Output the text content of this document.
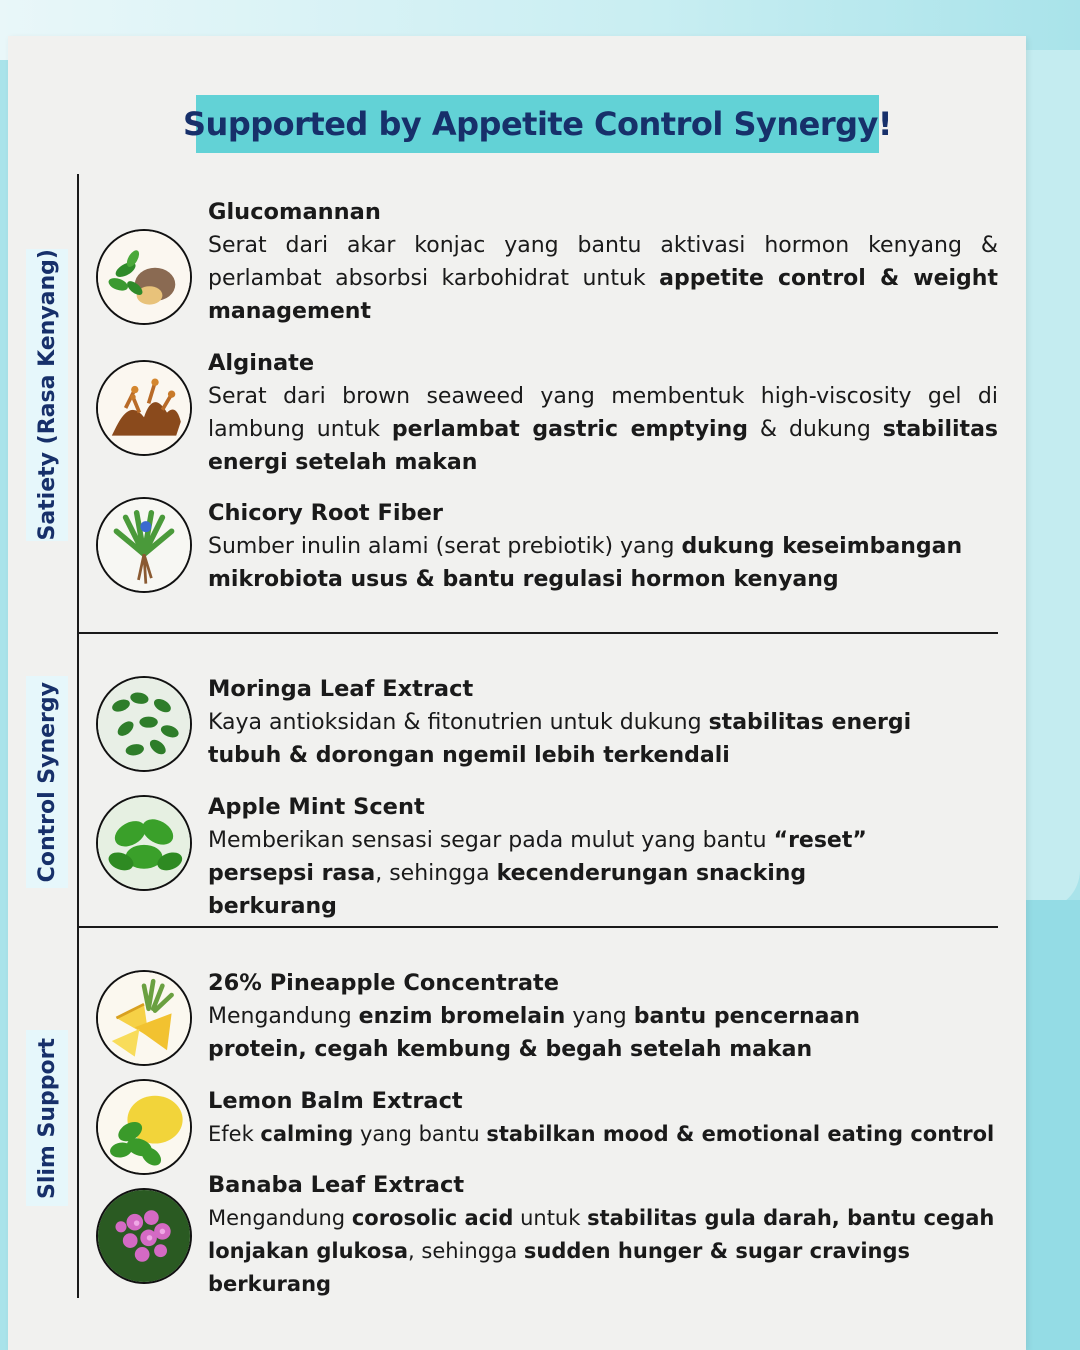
Supported by Appetite Control Synergy!
Satiety (Rasa Kenyang)
Control Synergy
Slim Support
Glucomannan
Serat dari akar konjac yang bantu aktivasi hormon kenyang & perlambat absorbsi karbohidrat untuk appetite control & weight management
Alginate
Serat dari brown seaweed yang membentuk high-viscosity gel di lambung untuk perlambat gastric emptying & dukung stabilitas energi setelah makan
Chicory Root Fiber
Sumber inulin alami (serat prebiotik) yang dukung keseimbangan mikrobiota usus & bantu regulasi hormon kenyang
Moringa Leaf Extract
Kaya antioksidan & fitonutrien untuk dukung stabilitas energi tubuh & dorongan ngemil lebih terkendali
Apple Mint Scent
Memberikan sensasi segar pada mulut yang bantu “reset” persepsi rasa, sehingga kecenderungan snacking berkurang
26% Pineapple Concentrate
Mengandung enzim bromelain yang bantu pencernaan protein, cegah kembung & begah setelah makan
Lemon Balm Extract
Efek calming yang bantu stabilkan mood & emotional eating control
Banaba Leaf Extract
Mengandung corosolic acid untuk stabilitas gula darah, bantu cegah lonjakan glukosa, sehingga sudden hunger & sugar cravings berkurang
